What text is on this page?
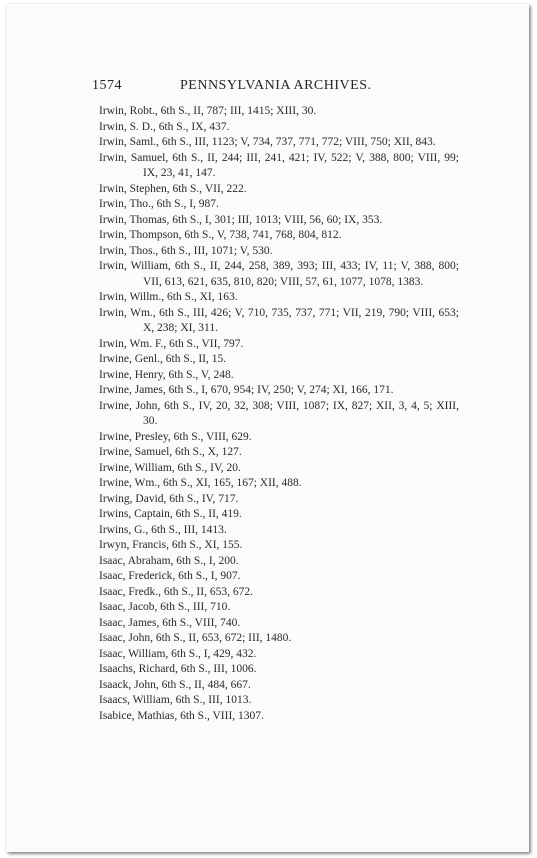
1574	PENNSYLVANIA ARCHIVES.
Irwin, Robt., 6th S., II, 787; III, 1415; XIII, 30.
Irwin, S. D., 6th S., IX, 437.
Irwin, Saml., 6th S., III, 1123; V, 734, 737, 771, 772; VIII, 750; XII, 843.
Irwin, Samuel, 6th S., II, 244; III, 241, 421; IV, 522; V, 388, 800; VIII, 99; IX, 23, 41, 147.
Irwin, Stephen, 6th S., VII, 222.
Irwin, Tho., 6th S., I, 987.
Irwin, Thomas, 6th S., I, 301; III, 1013; VIII, 56, 60; IX, 353.
Irwin, Thompson, 6th S., V, 738, 741, 768, 804, 812.
Irwin, Thos., 6th S., III, 1071; V, 530.
Irwin, William, 6th S., II, 244, 258, 389, 393; III, 433; IV, 11; V, 388, 800; VII, 613, 621, 635, 810, 820; VIII, 57, 61, 1077, 1078, 1383.
Irwin, Willm., 6th S., XI, 163.
Irwin, Wm., 6th S., III, 426; V, 710, 735, 737, 771; VII, 219, 790; VIII, 653; X, 238; XI, 311.
Irwin, Wm. F., 6th S., VII, 797.
Irwine, Genl., 6th S., II, 15.
Irwine, Henry, 6th S., V, 248.
Irwine, James, 6th S., I, 670, 954; IV, 250; V, 274; XI, 166, 171.
Irwine, John, 6th S., IV, 20, 32, 308; VIII, 1087; IX, 827; XII, 3, 4, 5; XIII, 30.
Irwine, Presley, 6th S., VIII, 629.
Irwine, Samuel, 6th S., X, 127.
Irwine, William, 6th S., IV, 20.
Irwine, Wm., 6th S., XI, 165, 167; XII, 488.
Irwing, David, 6th S., IV, 717.
Irwins, Captain, 6th S., II, 419.
Irwins, G., 6th S., III, 1413.
Irwyn, Francis, 6th S., XI, 155.
Isaac, Abraham, 6th S., I, 200.
Isaac, Frederick, 6th S., I, 907.
Isaac, Fredk., 6th S., II, 653, 672.
Isaac, Jacob, 6th S., III, 710.
Isaac, James, 6th S., VIII, 740.
Isaac, John, 6th S., II, 653, 672; III, 1480.
Isaac, William, 6th S., I, 429, 432.
Isaachs, Richard, 6th S., III, 1006.
Isaack, John, 6th S., II, 484, 667.
Isaacs, William, 6th S., III, 1013.
Isabice, Mathias, 6th S., VIII, 1307.
